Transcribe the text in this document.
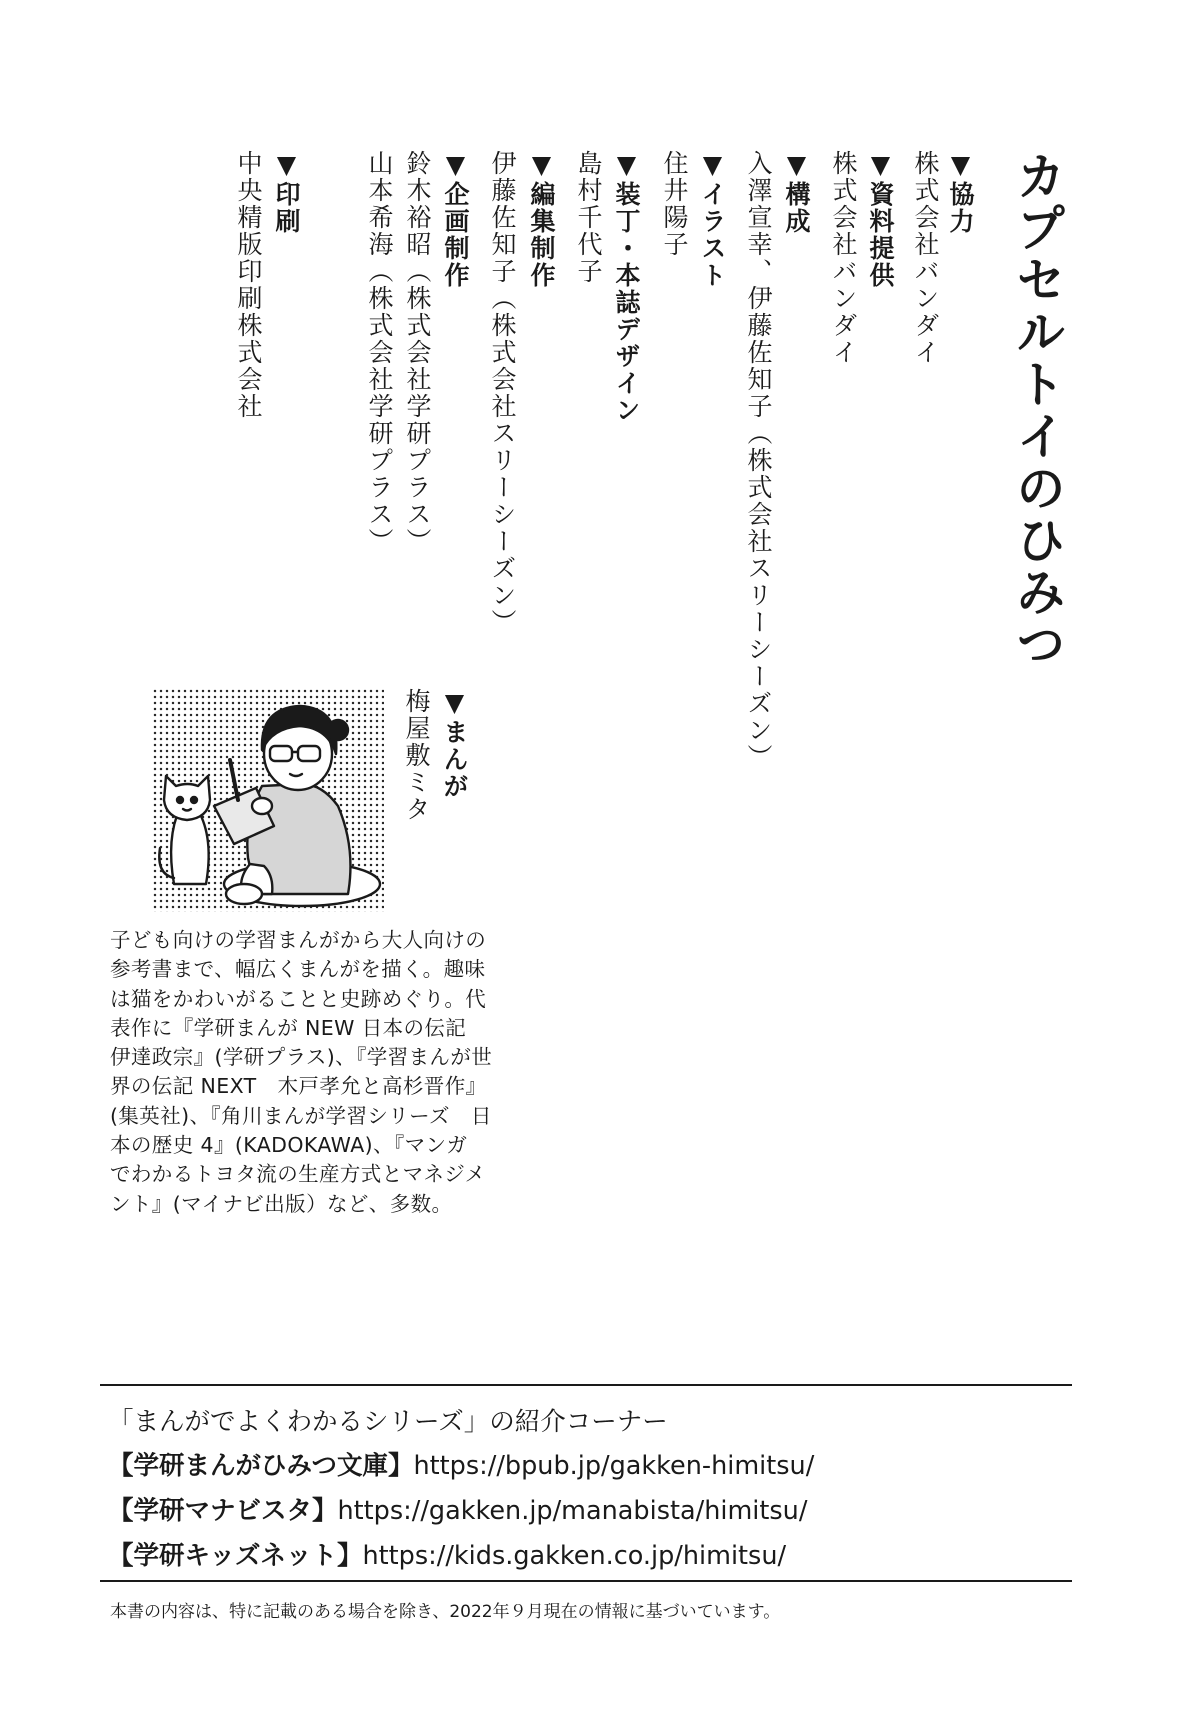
カプセルトイのひみつ
▼協力
株式会社バンダイ
▼資料提供
株式会社バンダイ
▼構成
入澤宣幸、伊藤佐知子（株式会社スリーシーズン）
▼イラスト
住井陽子
▼装丁・本誌デザイン
島村千代子
▼編集制作
伊藤佐知子（株式会社スリーシーズン）
▼企画制作
鈴木裕昭（株式会社学研プラス）
山本希海（株式会社学研プラス）
▼印刷
中央精版印刷株式会社
▼まんが
梅屋敷ミタ
子ども向けの学習まんがから大人向けの
参考書まで、幅広くまんがを描く。趣味
は猫をかわいがることと史跡めぐり。代
表作に『学研まんが NEW 日本の伝記
伊達政宗』(学研プラス)、『学習まんが世
界の伝記 NEXT　木戸孝允と高杉晋作』
(集英社)、『角川まんが学習シリーズ　日
本の歴史 4』(KADOKAWA)、『マンガ
でわかるトヨタ流の生産方式とマネジメ
ント』(マイナビ出版）など、多数。
「まんがでよくわかるシリーズ」の紹介コーナー
【学研まんがひみつ文庫】https://bpub.jp/gakken-himitsu/
【学研マナビスタ】https://gakken.jp/manabista/himitsu/
【学研キッズネット】https://kids.gakken.co.jp/himitsu/
本書の内容は、特に記載のある場合を除き、2022年９月現在の情報に基づいています。
